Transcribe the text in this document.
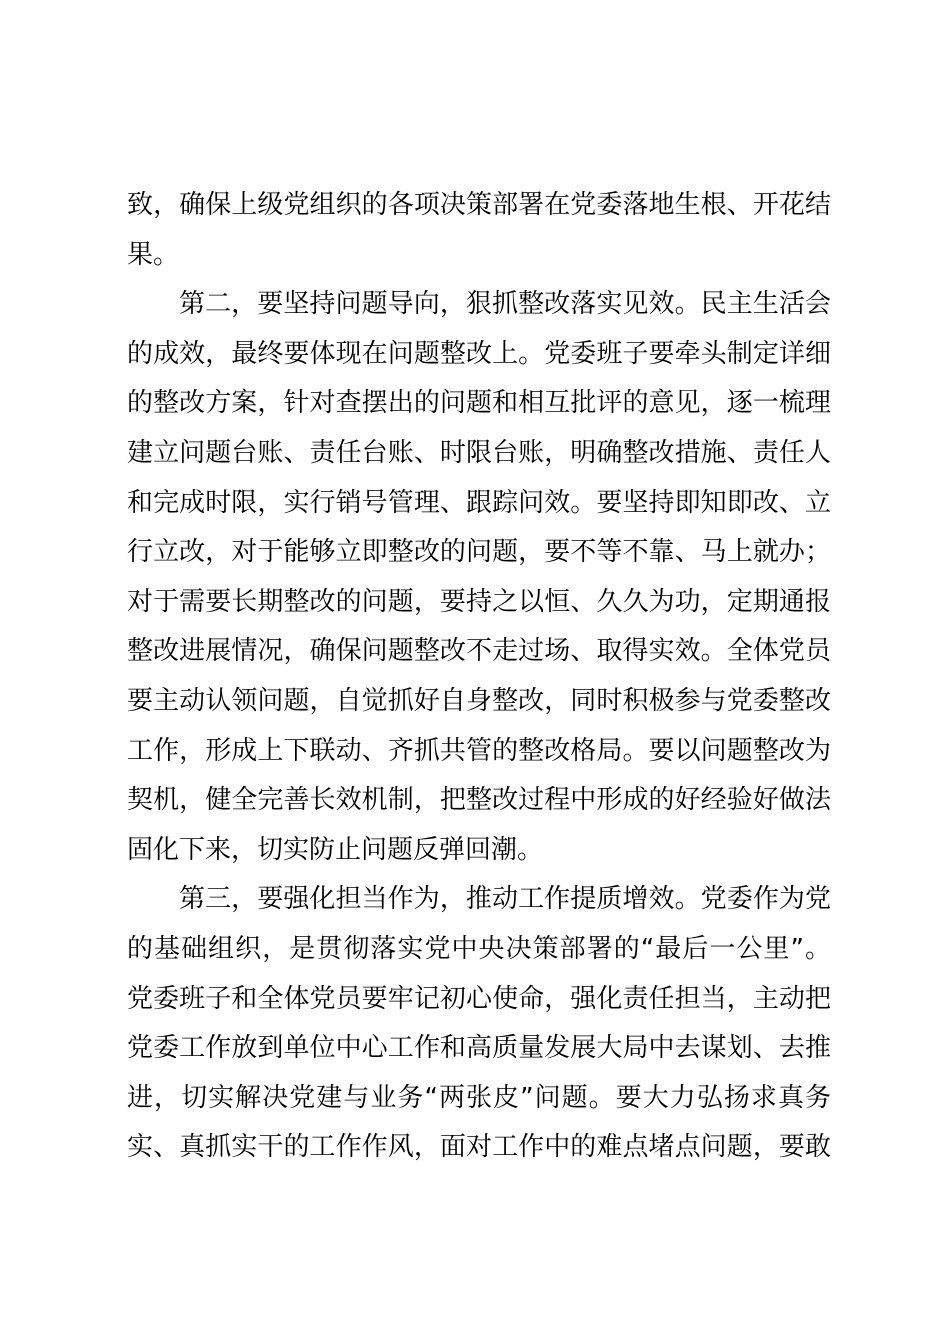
致，确保上级党组织的各项决策部署在党委落地生根、开花结
果。
第二，要坚持问题导向，狠抓整改落实见效。民主生活会
的成效，最终要体现在问题整改上。党委班子要牵头制定详细
的整改方案，针对查摆出的问题和相互批评的意见，逐一梳理
建立问题台账、责任台账、时限台账，明确整改措施、责任人
和完成时限，实行销号管理、跟踪问效。要坚持即知即改、立
行立改，对于能够立即整改的问题，要不等不靠、马上就办；
对于需要长期整改的问题，要持之以恒、久久为功，定期通报
整改进展情况，确保问题整改不走过场、取得实效。全体党员
要主动认领问题，自觉抓好自身整改，同时积极参与党委整改
工作，形成上下联动、齐抓共管的整改格局。要以问题整改为
契机，健全完善长效机制，把整改过程中形成的好经验好做法
固化下来，切实防止问题反弹回潮。
第三，要强化担当作为，推动工作提质增效。党委作为党
的基础组织，是贯彻落实党中央决策部署的“最后一公里”。
党委班子和全体党员要牢记初心使命，强化责任担当，主动把
党委工作放到单位中心工作和高质量发展大局中去谋划、去推
进，切实解决党建与业务“两张皮”问题。要大力弘扬求真务
实、真抓实干的工作作风，面对工作中的难点堵点问题，要敢
